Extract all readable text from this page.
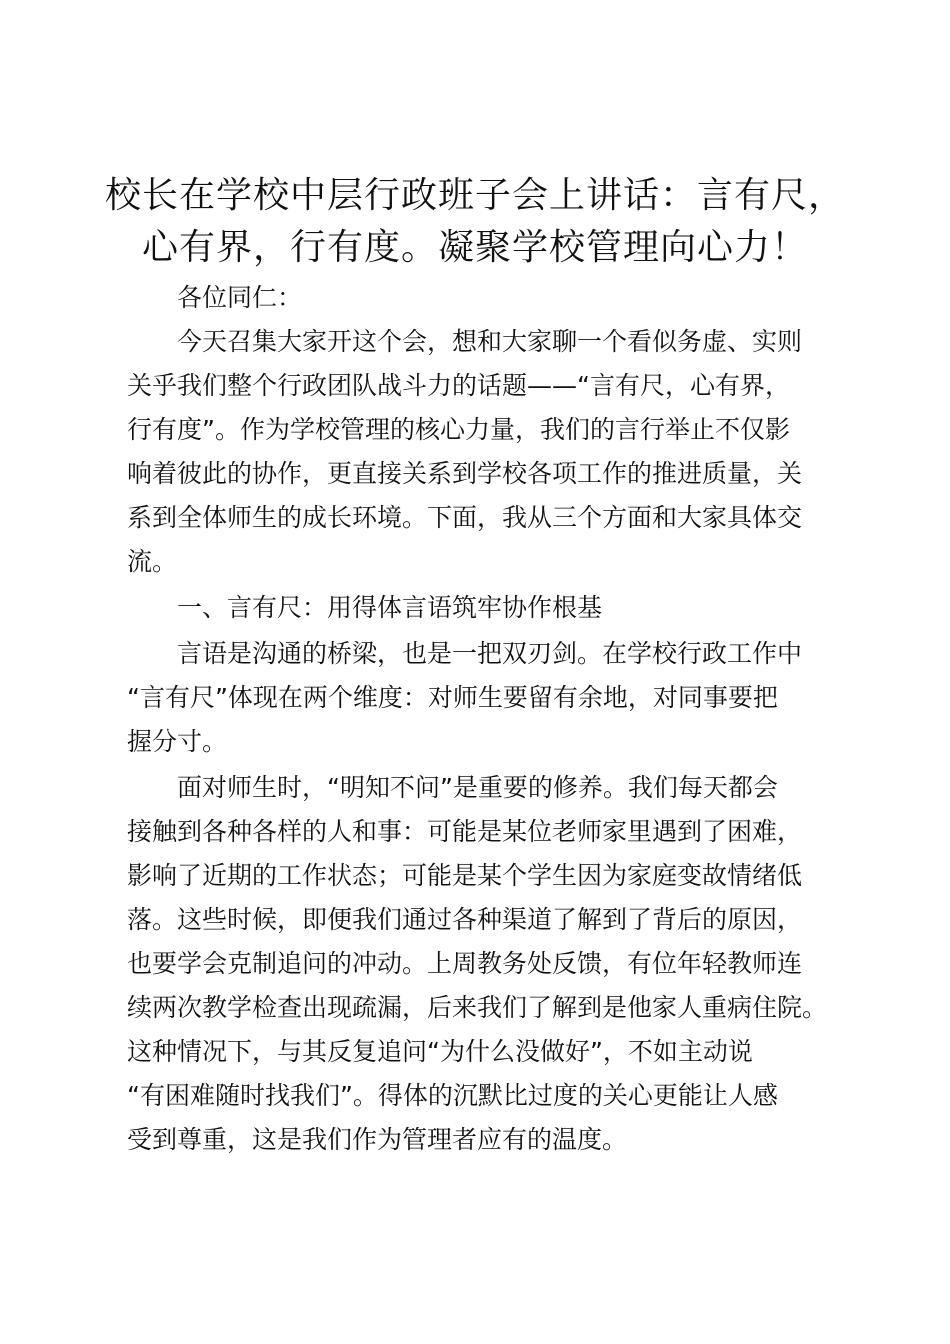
校长在学校中层行政班子会上讲话：言有尺，
心有界，行有度。凝聚学校管理向心力！
　　各位同仁：
　　今天召集大家开这个会，想和大家聊一个看似务虚、实则
关乎我们整个行政团队战斗力的话题——“言有尺，心有界，
行有度”。作为学校管理的核心力量，我们的言行举止不仅影
响着彼此的协作，更直接关系到学校各项工作的推进质量，关
系到全体师生的成长环境。下面，我从三个方面和大家具体交
流。
　　一、言有尺：用得体言语筑牢协作根基
　　言语是沟通的桥梁，也是一把双刃剑。在学校行政工作中
“言有尺”体现在两个维度：对师生要留有余地，对同事要把
握分寸。
　　面对师生时，“明知不问”是重要的修养。我们每天都会
接触到各种各样的人和事：可能是某位老师家里遇到了困难，
影响了近期的工作状态；可能是某个学生因为家庭变故情绪低
落。这些时候，即便我们通过各种渠道了解到了背后的原因，
也要学会克制追问的冲动。上周教务处反馈，有位年轻教师连
续两次教学检查出现疏漏，后来我们了解到是他家人重病住院。
这种情况下，与其反复追问“为什么没做好”，不如主动说
“有困难随时找我们”。得体的沉默比过度的关心更能让人感
受到尊重，这是我们作为管理者应有的温度。
